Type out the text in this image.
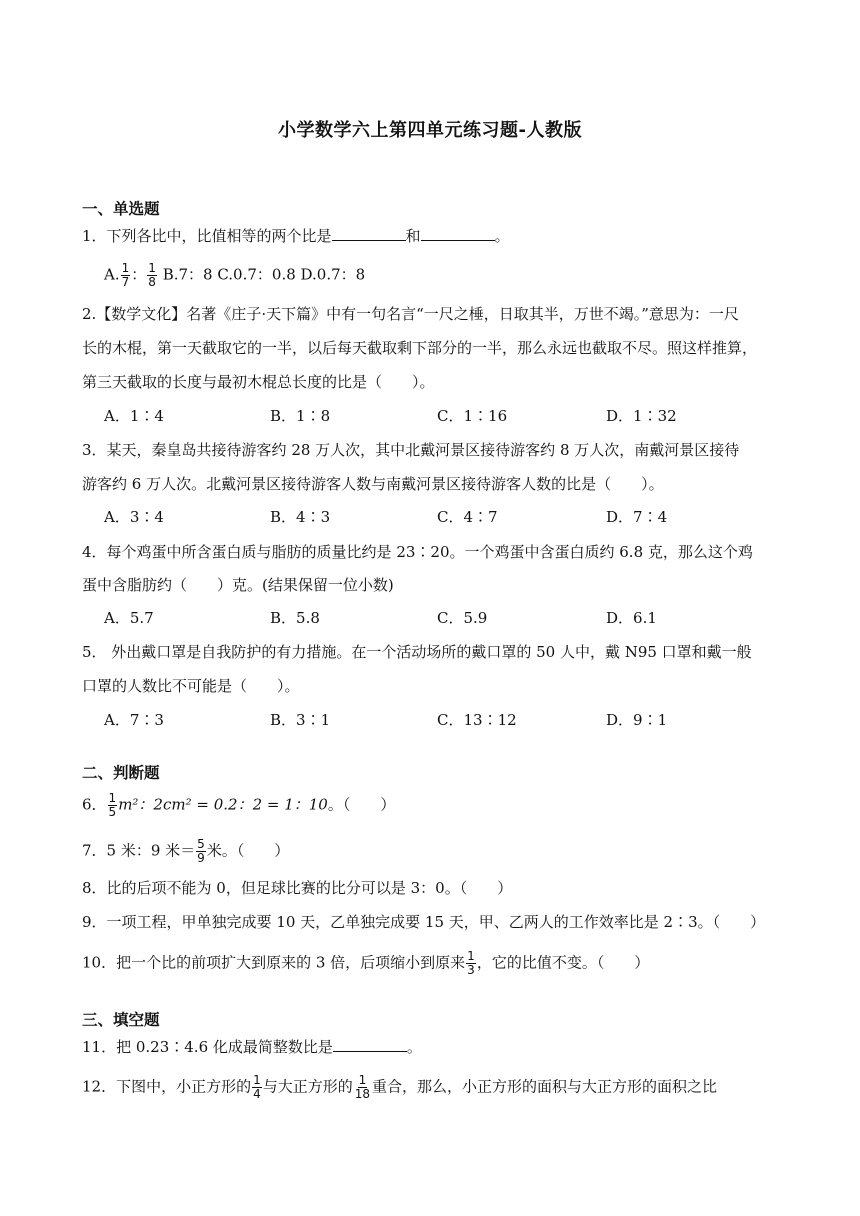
小学数学六上第四单元练习题-人教版
一、单选题
1．下列各比中，比值相等的两个比是	和	。
A. $\frac{1}{7}$ ： $\frac{1}{8} B.7$：8 C.0.7：0.8 D.0.7：8
2.【数学文化】名著《庄子·天下篇》中有一句名言“一尺之棰，日取其半，万世不竭。”意思为：一尺
长的木棍，第一天截取它的一半，以后每天截取剩下部分的一半，那么永远也截取不尽。照这样推算，
第三天截取的长度与最初木棍总长度的比是（　　）。
A．1∶4	B．1∶8	C．1∶16	D．1∶32
3．某天，秦皇岛共接待游客约 28 万人次，其中北戴河景区接待游客约 8 万人次，南戴河景区接待
游客约 6 万人次。北戴河景区接待游客人数与南戴河景区接待游客人数的比是（　　）。
A．3∶4	B．4∶3	C．4∶7	D．7∶4
4．每个鸡蛋中所含蛋白质与脂肪的质量比约是 23∶20。一个鸡蛋中含蛋白质约 6.8 克，那么这个鸡
蛋中含脂肪约（　　）克。(结果保留一位小数)
A．5.7	B．5.8	C．5.9	D．6.1
5． 外出戴口罩是自我防护的有力措施。在一个活动场所的戴口罩的 50 人中，戴 N95 口罩和戴一般
口罩的人数比不可能是（　　）。
A．7∶3	B．3∶1	C．13∶12	D．9∶1
二、判断题
6． $\frac{1}{5} m^2$：2cm² = 0.2：2 = 1：10。（　　）
7．5 米：9 米＝ $\frac{5}{9}$ 米。（　　）
8．比的后项不能为 0，但足球比赛的比分可以是 3：0。（　　）
9．一项工程，甲单独完成要 10 天，乙单独完成要 15 天，甲、乙两人的工作效率比是 2∶3。（　　）
10．把一个比的前项扩大到原来的 3 倍，后项缩小到原来 $\frac{1}{3}$ ，它的比值不变。（　　）
三、填空题
11．把 0.23∶4.6 化成最简整数比是	。
12．下图中，小正方形的 $\frac{1}{4}$ 与大正方形的 $\frac{1}{18}$ 重合，那么，小正方形的面积与大正方形的面积之比
